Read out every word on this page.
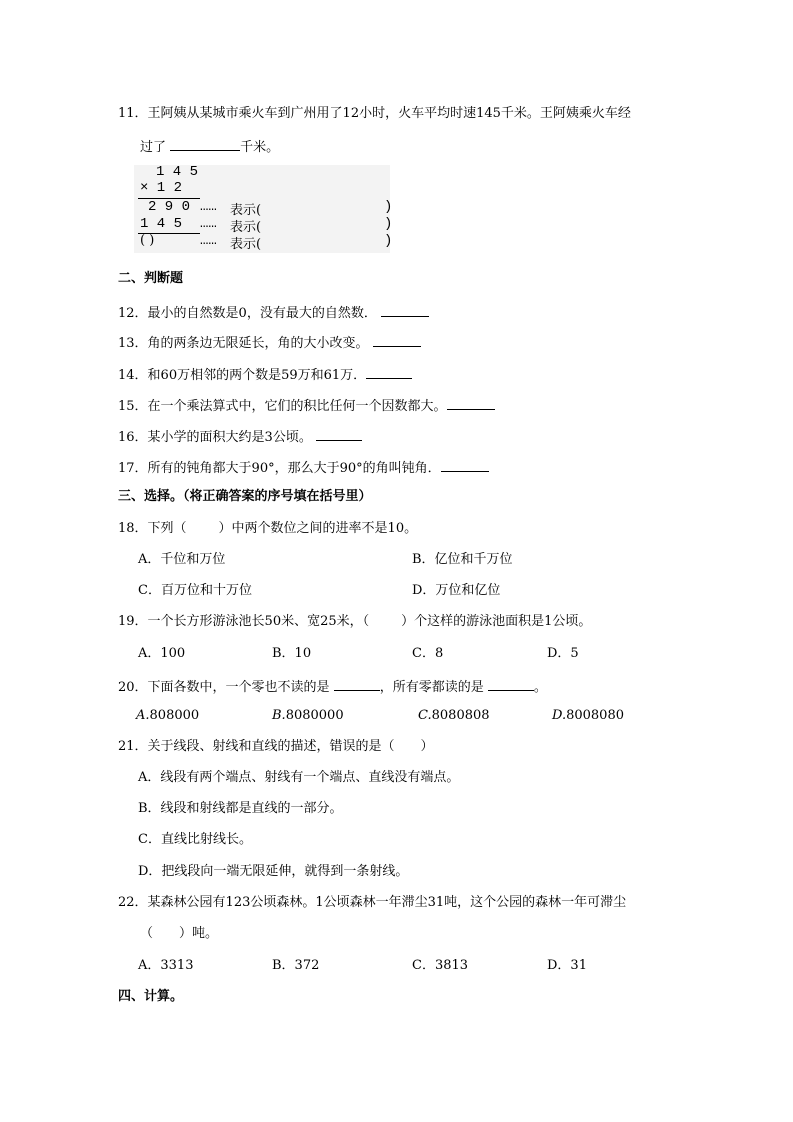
11．王阿姨从某城市乘火车到广州用了12小时，火车平均时速145千米。王阿姨乘火车经
过了	千米。
1 4 5
× 1 2
2 9 0 …… 表示(	)
1 4 5 …… 表示(	)
( )	…… 表示(	)
二、判断题
12．最小的自然数是0，没有最大的自然数．
13．角的两条边无限延长，角的大小改变。
14．和60万相邻的两个数是59万和61万．
15．在一个乘法算式中，它们的积比任何一个因数都大。
16．某小学的面积大约是3公顷。
17．所有的钝角都大于90°，那么大于90°的角叫钝角．
三、选择。（将正确答案的序号填在括号里）
18．下列（ ）中两个数位之间的进率不是10。
A．千位和万位	B．亿位和千万位
C．百万位和十万位	D．万位和亿位
19．一个长方形游泳池长50米、宽25米，（ ）个这样的游泳池面积是1公顷。
A．100	B．10	C．8	D．5
20．下面各数中，一个零也不读的是	，所有零都读的是	。
A.808000	B.8080000	C.8080808	D.8008080
21．关于线段、射线和直线的描述，错误的是（　　）
A．线段有两个端点、射线有一个端点、直线没有端点。
B．线段和射线都是直线的一部分。
C．直线比射线长。
D．把线段向一端无限延伸，就得到一条射线。
22．某森林公园有123公顷森林。1公顷森林一年滞尘31吨，这个公园的森林一年可滞尘
（　　）吨。
A．3313	B．372	C．3813	D．31
四、计算。
